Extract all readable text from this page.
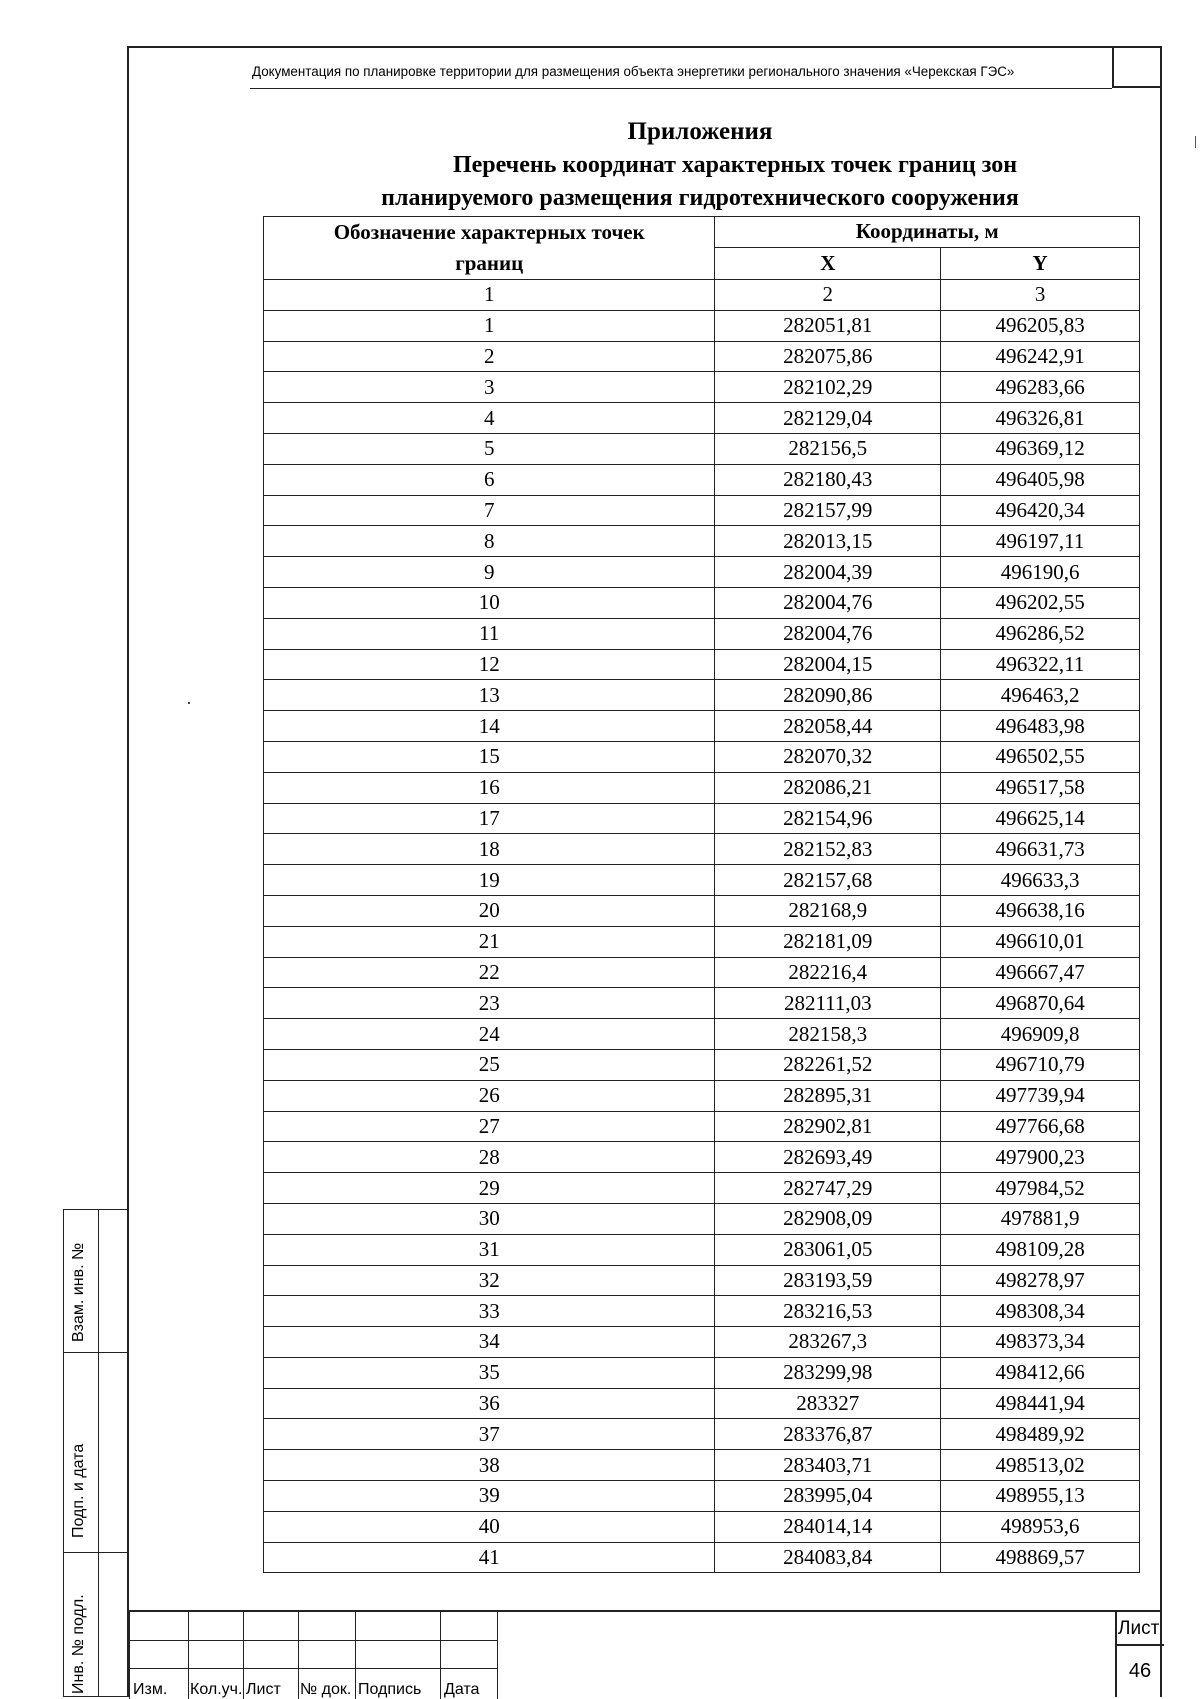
Документация по планировке территории для размещения объекта энергетики регионального значения «Черекская ГЭС»
Приложения
Перечень координат характерных точек границ зон
планируемого размещения гидротехнического сооружения
Обозначение характерных точек
границ	Координаты, м	
	X	Y
1	2	3
1	282051,81	496205,83
2	282075,86	496242,91
3	282102,29	496283,66
4	282129,04	496326,81
5	282156,5	496369,12
6	282180,43	496405,98
7	282157,99	496420,34
8	282013,15	496197,11
9	282004,39	496190,6
10	282004,76	496202,55
11	282004,76	496286,52
12	282004,15	496322,11
13	282090,86	496463,2
14	282058,44	496483,98
15	282070,32	496502,55
16	282086,21	496517,58
17	282154,96	496625,14
18	282152,83	496631,73
19	282157,68	496633,3
20	282168,9	496638,16
21	282181,09	496610,01
22	282216,4	496667,47
23	282111,03	496870,64
24	282158,3	496909,8
25	282261,52	496710,79
26	282895,31	497739,94
27	282902,81	497766,68
28	282693,49	497900,23
29	282747,29	497984,52
30	282908,09	497881,9
31	283061,05	498109,28
32	283193,59	498278,97
33	283216,53	498308,34
34	283267,3	498373,34
35	283299,98	498412,66
36	283327	498441,94
37	283376,87	498489,92
38	283403,71	498513,02
39	283995,04	498955,13
40	284014,14	498953,6
41	284083,84	498869,57
Взам. инв. №
Подп. и дата
Инв. № подл.	Изм. Кол.уч. Лист № док. Подпись Дата
Лист
46
